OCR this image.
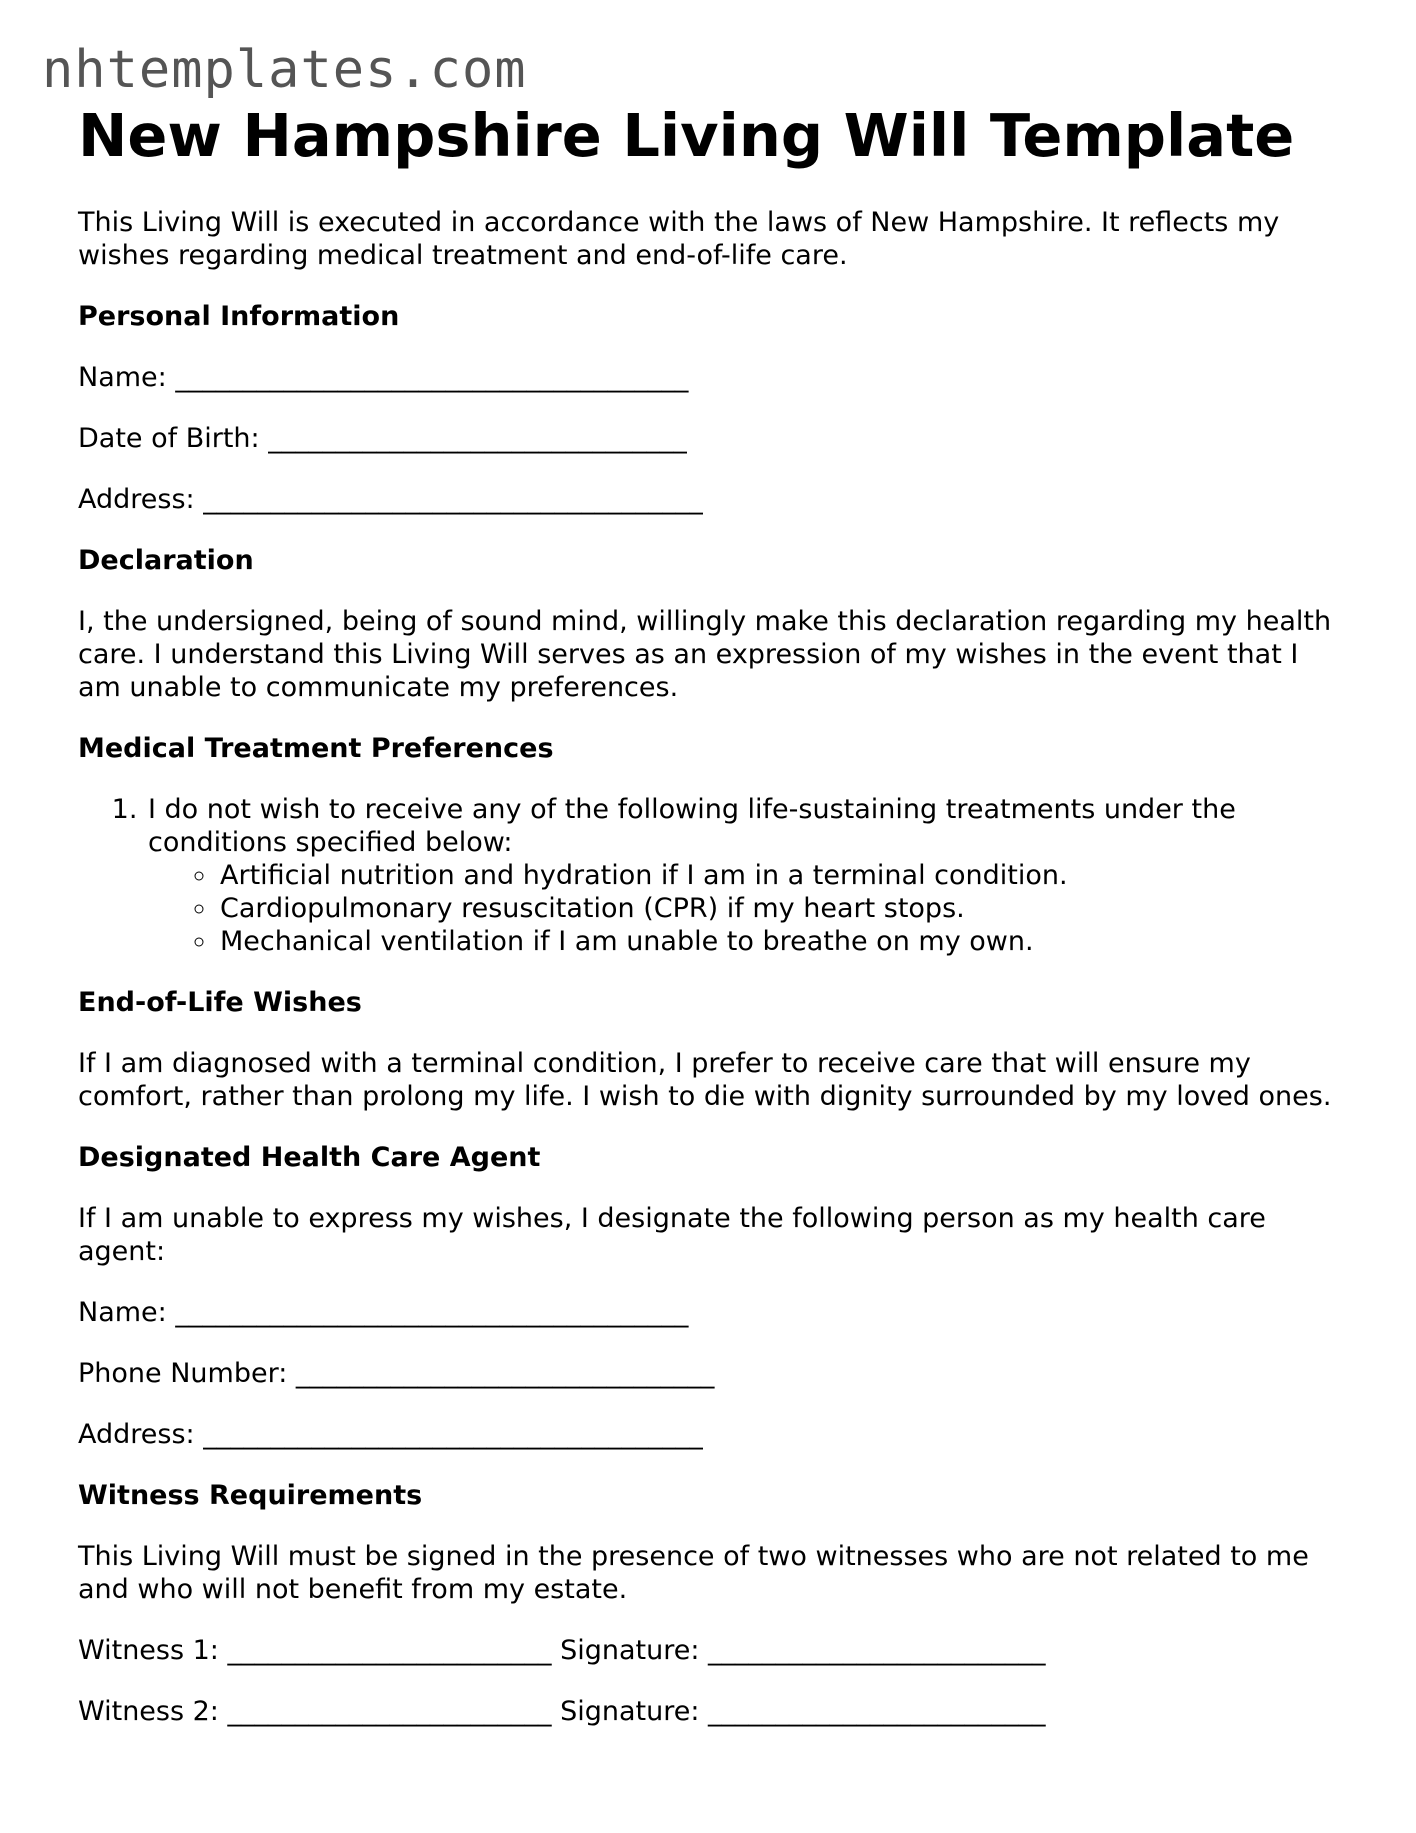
nhtemplates.com
New Hampshire Living Will Template

This Living Will is executed in accordance with the laws of New Hampshire. It reflects my wishes regarding medical treatment and end-of-life care.

Personal Information
Name: ______________________________________
Date of Birth: _______________________________
Address: _____________________________________
Declaration

I, the undersigned, being of sound mind, willingly make this declaration regarding my health care. I understand this Living Will serves as an expression of my wishes in the event that I am unable to communicate my preferences.

Medical Treatment Preferences
1. I do not wish to receive any of the following life-sustaining treatments under the conditions specified below:
◦ Artificial nutrition and hydration if I am in a terminal condition.
◦ Cardiopulmonary resuscitation (CPR) if my heart stops.
◦ Mechanical ventilation if I am unable to breathe on my own.
End-of-Life Wishes

If I am diagnosed with a terminal condition, I prefer to receive care that will ensure my comfort, rather than prolong my life. I wish to die with dignity surrounded by my loved ones.

Designated Health Care Agent

If I am unable to express my wishes, I designate the following person as my health care agent:

Name: ______________________________________
Phone Number: _______________________________
Address: _____________________________________
Witness Requirements

This Living Will must be signed in the presence of two witnesses who are not related to me and who will not benefit from my estate.

Witness 1: ________________________ Signature: _________________________
Witness 2: ________________________ Signature: _________________________
